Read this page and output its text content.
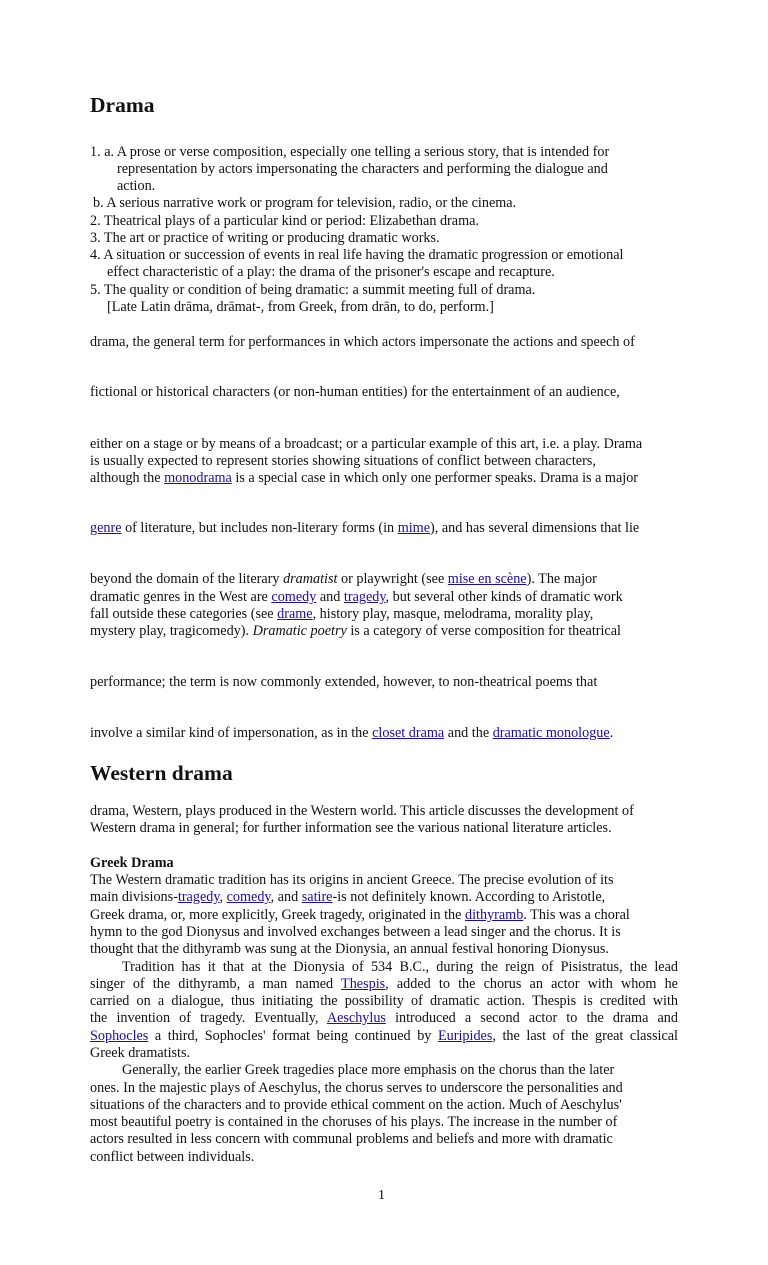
Drama
1. a. A prose or verse composition, especially one telling a serious story, that is intended for
representation by actors impersonating the characters and performing the dialogue and
action.
b. A serious narrative work or program for television, radio, or the cinema.
2. Theatrical plays of a particular kind or period: Elizabethan drama.
3. The art or practice of writing or producing dramatic works.
4. A situation or succession of events in real life having the dramatic progression or emotional
effect characteristic of a play: the drama of the prisoner's escape and recapture.
5. The quality or condition of being dramatic: a summit meeting full of drama.
[Late Latin drāma, drāmat-, from Greek, from drān, to do, perform.]
drama, the general term for performances in which actors impersonate the actions and speech of
fictional or historical characters (or non-human entities) for the entertainment of an audience,
either on a stage or by means of a broadcast; or a particular example of this art, i.e. a play. Drama
is usually expected to represent stories showing situations of conflict between characters,
although the monodrama is a special case in which only one performer speaks. Drama is a major
genre of literature, but includes non-literary forms (in mime), and has several dimensions that lie
beyond the domain of the literary dramatist or playwright (see mise en scène). The major
dramatic genres in the West are comedy and tragedy, but several other kinds of dramatic work
fall outside these categories (see drame, history play, masque, melodrama, morality play,
mystery play, tragicomedy). Dramatic poetry is a category of verse composition for theatrical
performance; the term is now commonly extended, however, to non-theatrical poems that
involve a similar kind of impersonation, as in the closet drama and the dramatic monologue.
Western drama
drama, Western, plays produced in the Western world. This article discusses the development of
Western drama in general; for further information see the various national literature articles.
Greek Drama
The Western dramatic tradition has its origins in ancient Greece. The precise evolution of its
main divisions-tragedy, comedy, and satire-is not definitely known. According to Aristotle,
Greek drama, or, more explicitly, Greek tragedy, originated in the dithyramb. This was a choral
hymn to the god Dionysus and involved exchanges between a lead singer and the chorus. It is
thought that the dithyramb was sung at the Dionysia, an annual festival honoring Dionysus.
Tradition has it that at the Dionysia of 534 B.C., during the reign of Pisistratus, the lead
singer of the dithyramb, a man named Thespis, added to the chorus an actor with whom he
carried on a dialogue, thus initiating the possibility of dramatic action. Thespis is credited with
the invention of tragedy. Eventually, Aeschylus introduced a second actor to the drama and
Sophocles a third, Sophocles' format being continued by Euripides, the last of the great classical
Greek dramatists.
Generally, the earlier Greek tragedies place more emphasis on the chorus than the later
ones. In the majestic plays of Aeschylus, the chorus serves to underscore the personalities and
situations of the characters and to provide ethical comment on the action. Much of Aeschylus'
most beautiful poetry is contained in the choruses of his plays. The increase in the number of
actors resulted in less concern with communal problems and beliefs and more with dramatic
conflict between individuals.
1
